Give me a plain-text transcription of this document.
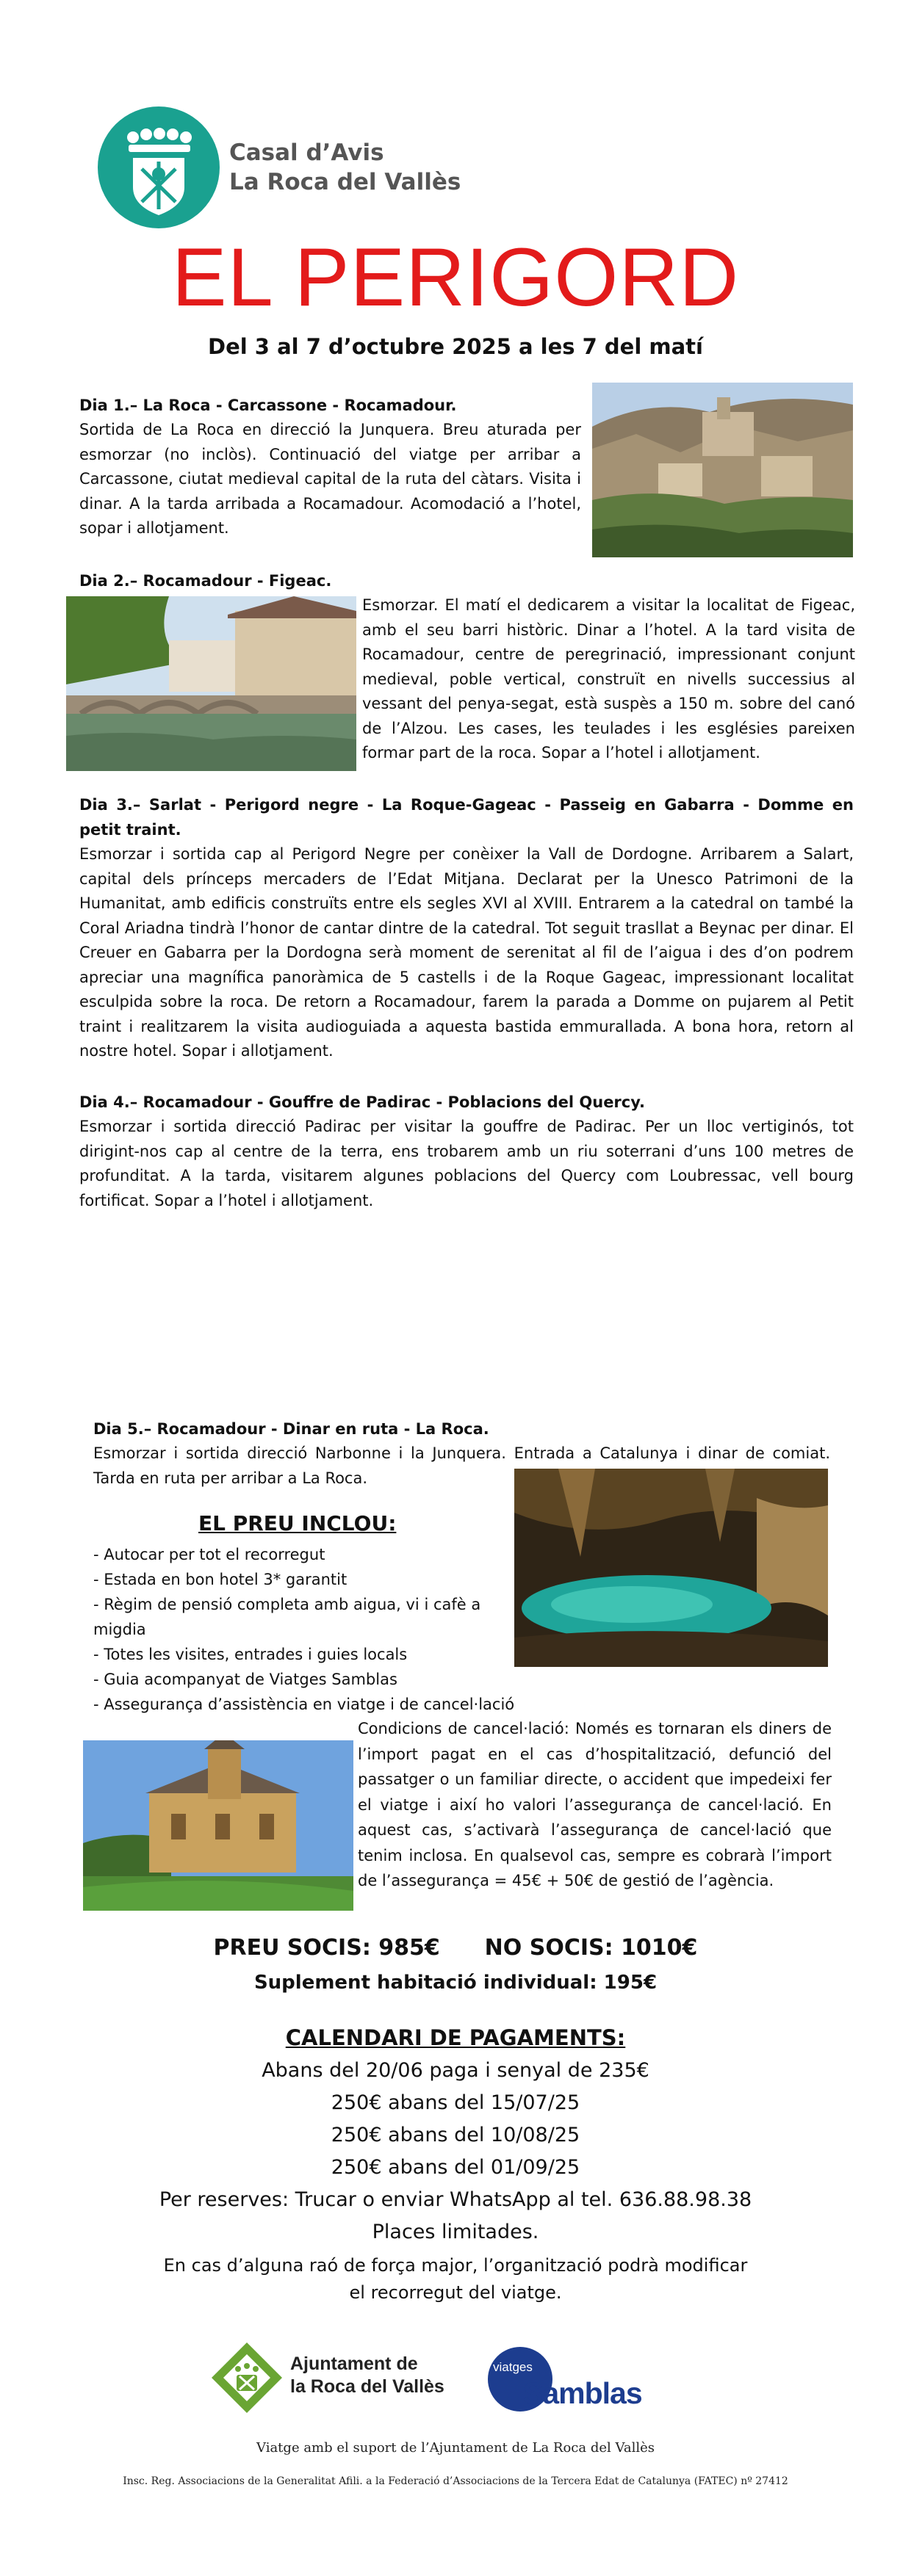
Casal d’Avis
La Roca del Vallès
EL PERIGORD
Del 3 al 7 d’octubre 2025 a les 7 del matí
Dia 1.– La Roca - Carcassone - Rocamadour.

Sortida de La Roca en direcció la Junquera. Breu aturada per esmorzar (no inclòs). Continuació del viatge per arribar a Carcassone, ciutat medieval capital de la ruta del càtars. Visita i dinar. A la tarda arribada a Rocamadour. Acomodació a l’hotel, sopar i allotjament.

Dia 2.– Rocamadour - Figeac.

Esmorzar. El matí el dedicarem a visitar la localitat de Figeac, amb el seu barri històric. Dinar a l’hotel. A la tard visita de Rocamadour, centre de peregrinació, impressionant conjunt medieval, poble vertical, construït en nivells successius al vessant del penya-segat, està suspès a 150 m. sobre del canó de l’Alzou. Les cases, les teulades i les esglésies pareixen formar part de la roca. Sopar a l’hotel i allotjament.

Dia 3.– Sarlat - Perigord negre - La Roque-Gageac - Passeig en Gabarra - Domme en petit traint.

Esmorzar i sortida cap al Perigord Negre per conèixer la Vall de Dordogne. Arribarem a Salart, capital dels prínceps mercaders de l’Edat Mitjana. Declarat per la Unesco Patrimoni de la Humanitat, amb edificis construïts entre els segles XVI al XVIII. Entrarem a la catedral on també la Coral Ariadna tindrà l’honor de cantar dintre de la catedral. Tot seguit trasllat a Beynac per dinar. El Creuer en Gabarra per la Dordogna serà moment de serenitat al fil de l’aigua i des d’on podrem apreciar una magnífica panoràmica de 5 castells i de la Roque Gageac, impressionant localitat esculpida sobre la roca. De retorn a Rocamadour, farem la parada a Domme on pujarem al Petit traint i realitzarem la visita audioguiada a aquesta bastida emmurallada. A bona hora, retorn al nostre hotel. Sopar i allotjament.

Dia 4.– Rocamadour - Gouffre de Padirac - Poblacions del Quercy.

Esmorzar i sortida direcció Padirac per visitar la gouffre de Padirac. Per un lloc vertiginós, tot dirigint-nos cap al centre de la terra, ens trobarem amb un riu soterrani d’uns 100 metres de profunditat. A la tarda, visitarem algunes poblacions del Quercy com Loubressac, vell bourg fortificat. Sopar a l’hotel i allotjament.

Dia 5.– Rocamadour - Dinar en ruta - La Roca.

Esmorzar i sortida direcció Narbonne i la Junquera. Entrada a Catalunya i dinar de comiat. Tarda en ruta per arribar a La Roca.

EL PREU INCLOU:
- Autocar per tot el recorregut
- Estada en bon hotel 3* garantit
- Règim de pensió completa amb aigua, vi i cafè a migdia
- Totes les visites, entrades i guies locals
- Guia acompanyat de Viatges Samblas
- Assegurança d’assistència en viatge i de cancel·lació

Condicions de cancel·lació: Només es tornaran els diners de l’import pagat en el cas d’hospitalització, defunció del passatger o un familiar directe, o accident que impedeixi fer el viatge i així ho valori l’assegurança de cancel·lació. En aquest cas, s’activarà l’assegurança de cancel·lació que tenim inclosa. En qualsevol cas, sempre es cobrarà l’import de l’assegurança = 45€ + 50€ de gestió de l’agència.

PREU SOCIS: 985€ NO SOCIS: 1010€
Suplement habitació individual: 195€
CALENDARI DE PAGAMENTS:
Abans del 20/06 paga i senyal de 235€
250€ abans del 15/07/25
250€ abans del 10/08/25
250€ abans del 01/09/25
Per reserves: Trucar o enviar WhatsApp al tel. 636.88.98.38
Places limitades.
En cas d’alguna raó de força major, l’organització podrà modificar
el recorregut del viatge.
Ajuntament de
la Roca del Vallès
viatges
Samblas
Viatge amb el suport de l’Ajuntament de La Roca del Vallès
Insc. Reg. Associacions de la Generalitat Afili. a la Federació d’Associacions de la Tercera Edat de Catalunya (FATEC) nº 27412
